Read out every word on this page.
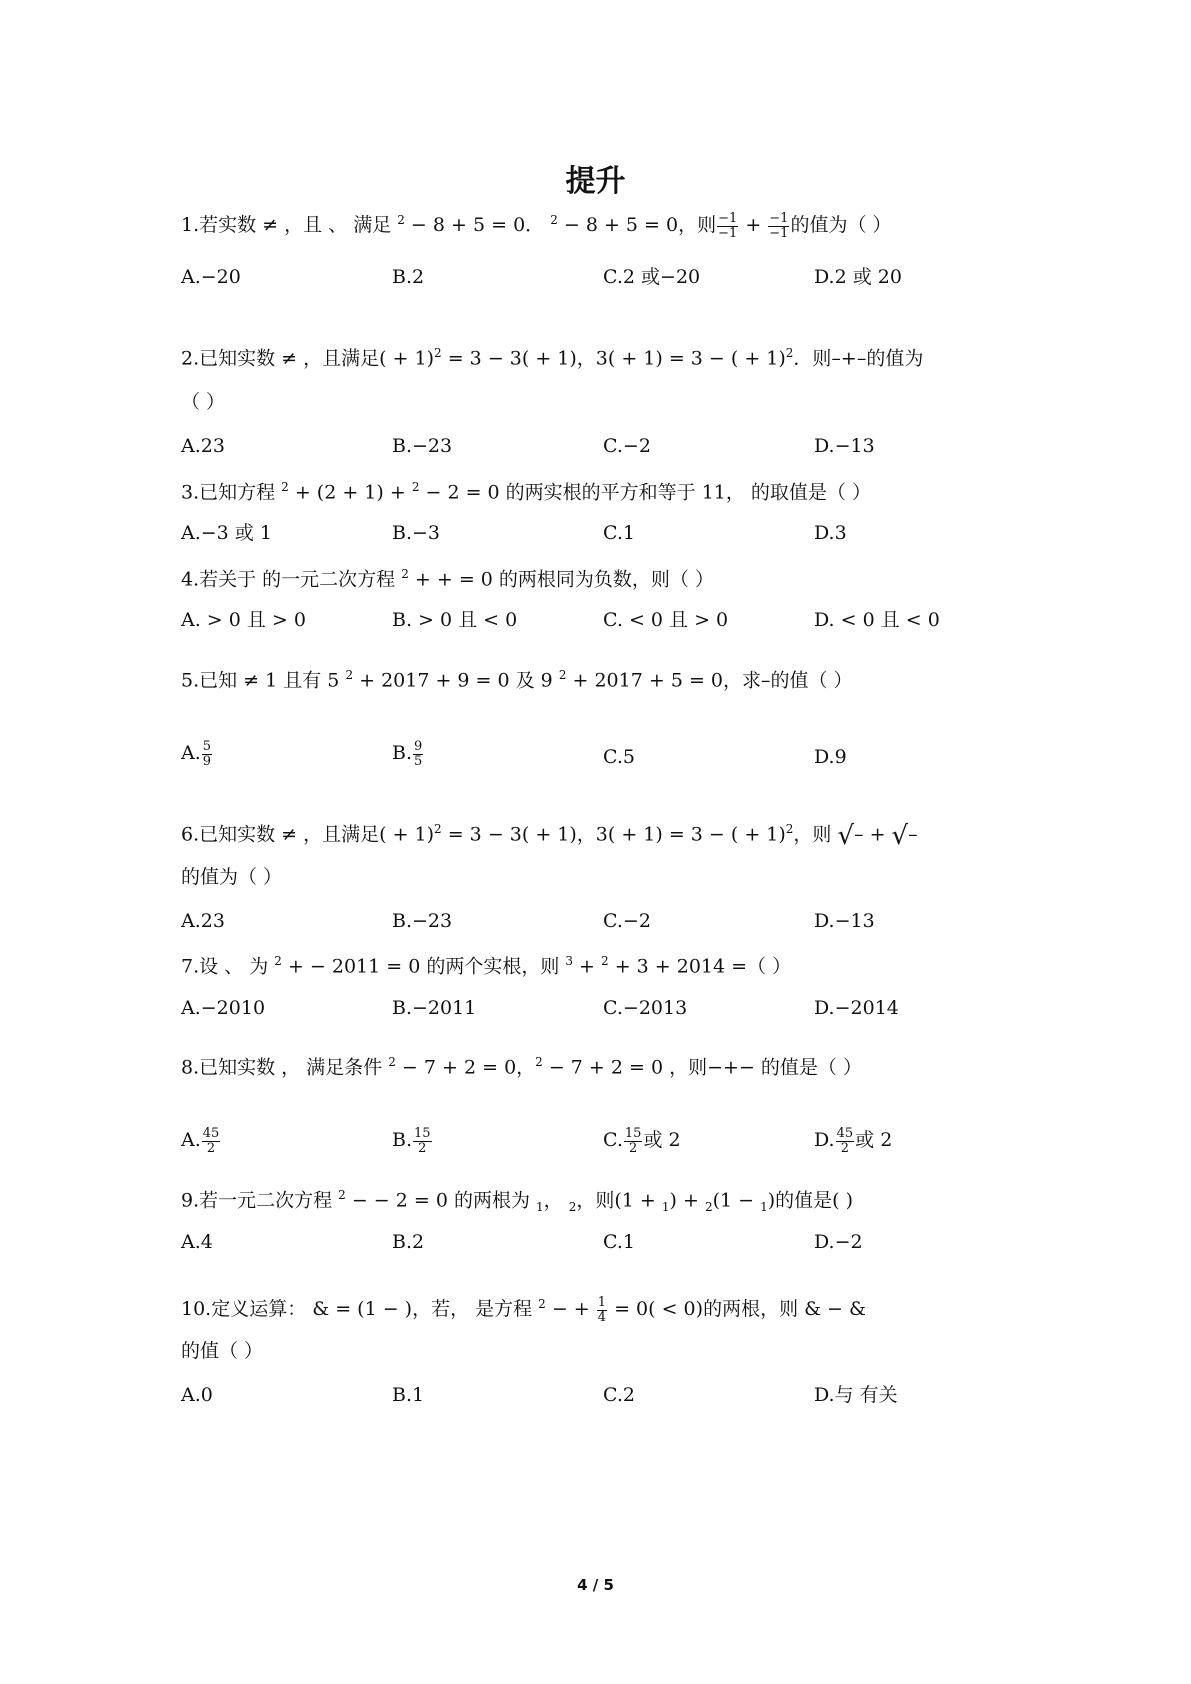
提升
1.若实数 ≠ ，且 、 满足 $^2$ − 8 + 5 = 0． $^2$ − 8 + 5 = 0，则 $\frac{-1}{-1} + \frac{-1}{-1}$ 的值为（ ）
A.−20	B.2	C.2 或−20	D.2 或 20
2.已知实数 ≠ ，且满足( + 1)$^2$ = 3 − 3( + 1)，3( + 1) = 3 − ( + 1)$^2$．则–+–的值为
（ ）
A.23	B.−23	C.−2	D.−13
3.已知方程 $^2$ + (2 + 1) + $^2$ − 2 = 0 的两实根的平方和等于 11， 的取值是（ ）
A.−3 或 1	B.−3	C.1	D.3
4.若关于 的一元二次方程 $^2$ + + = 0 的两根同为负数，则（ ）
A. > 0 且 > 0	B. > 0 且 < 0	C. < 0 且 > 0	D. < 0 且 < 0
5.已知 ≠ 1 且有 5 $^2$ + 2017 + 9 = 0 及 9 $^2$ + 2017 + 5 = 0，求–的值（ ）
A. $\frac{5}{9}$	B. $\frac{9}{5}$	C.5	D.9
6.已知实数 ≠ ，且满足( + 1)$^2$ = 3 − 3( + 1)，3( + 1) = 3 − ( + 1)$^2$，则 √– + √–
的值为（ ）
A.23	B.−23	C.−2	D.−13
7.设 、 为 $^2$ + − 2011 = 0 的两个实根，则 $^3$ + $^2$ + 3 + 2014 =（ ）
A.−2010	B.−2011	C.−2013	D.−2014
8.已知实数 ， 满足条件 $^2$ − 7 + 2 = 0，$^2$ − 7 + 2 = 0 ，则−+− 的值是（ ）
A. $\frac{45}{2}$	B. $\frac{15}{2}$	C. $\frac{15}{2}$ 或 2	D. $\frac{45}{2}$ 或 2
9.若一元二次方程 $^2$ − − 2 = 0 的两根为 $_1$， $_2$，则(1 + $_1$) + $_2$(1 − $_1$)的值是( )
A.4	B.2	C.1	D.−2
10.定义运算： & = (1 − )，若， 是方程 $^2$ − + $\frac{1}{4} = 0( < 0)$的两根，则 & − &
的值（ ）
A.0	B.1	C.2	D.与 有关
4 / 5
